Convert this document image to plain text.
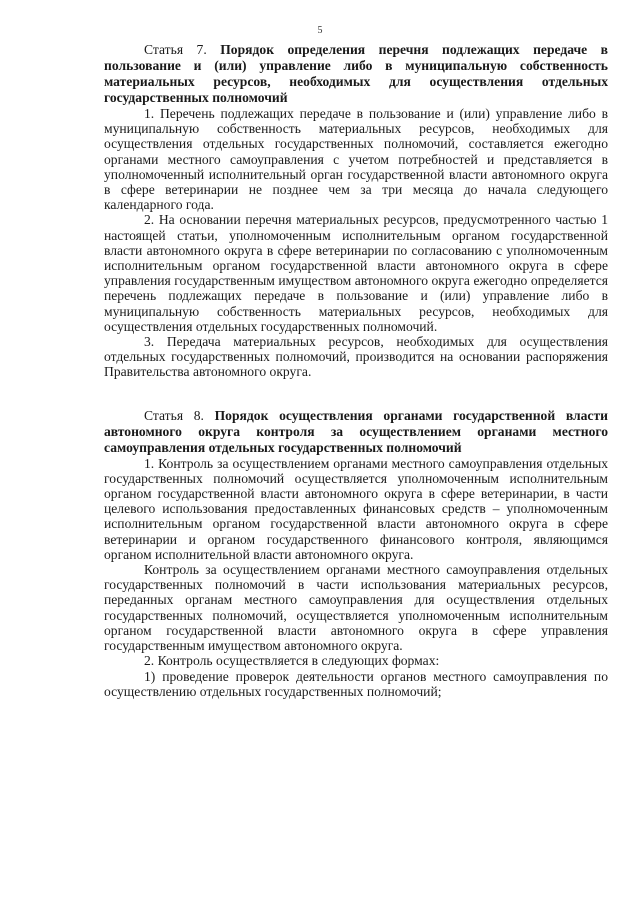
5

Статья 7. Порядок определения перечня подлежащих передаче в пользование и (или) управление либо в муниципальную собственность материальных ресурсов, необходимых для осуществления отдельных государственных полномочий

1. Перечень подлежащих передаче в пользование и (или) управление либо в муниципальную собственность материальных ресурсов, необходимых для осуществления отдельных государственных полномочий, составляется ежегодно органами местного самоуправления с учетом потребностей и представляется в уполномоченный исполнительный орган государственной власти автономного округа в сфере ветеринарии не позднее чем за три месяца до начала следующего календарного года.

2. На основании перечня материальных ресурсов, предусмотренного частью 1 настоящей статьи, уполномоченным исполнительным органом государственной власти автономного округа в сфере ветеринарии по согласованию с уполномоченным исполнительным органом государственной власти автономного округа в сфере управления государственным имуществом автономного округа ежегодно определяется перечень подлежащих передаче в пользование и (или) управление либо в муниципальную собственность материальных ресурсов, необходимых для осуществления отдельных государственных полномочий.

3. Передача материальных ресурсов, необходимых для осуществления отдельных государственных полномочий, производится на основании распоряжения Правительства автономного округа.

Статья 8. Порядок осуществления органами государственной власти автономного округа контроля за осуществлением органами местного самоуправления отдельных государственных полномочий

1. Контроль за осуществлением органами местного самоуправления отдельных государственных полномочий осуществляется уполномоченным исполнительным органом государственной власти автономного округа в сфере ветеринарии, в части целевого использования предоставленных финансовых средств – уполномоченным исполнительным органом государственной власти автономного округа в сфере ветеринарии и органом государственного финансового контроля, являющимся органом исполнительной власти автономного округа.

Контроль за осуществлением органами местного самоуправления отдельных государственных полномочий в части использования материальных ресурсов, переданных органам местного самоуправления для осуществления отдельных государственных полномочий, осуществляется уполномоченным исполнительным органом государственной власти автономного округа в сфере управления государственным имуществом автономного округа.

2. Контроль осуществляется в следующих формах:

1) проведение проверок деятельности органов местного самоуправления по осуществлению отдельных государственных полномочий;
